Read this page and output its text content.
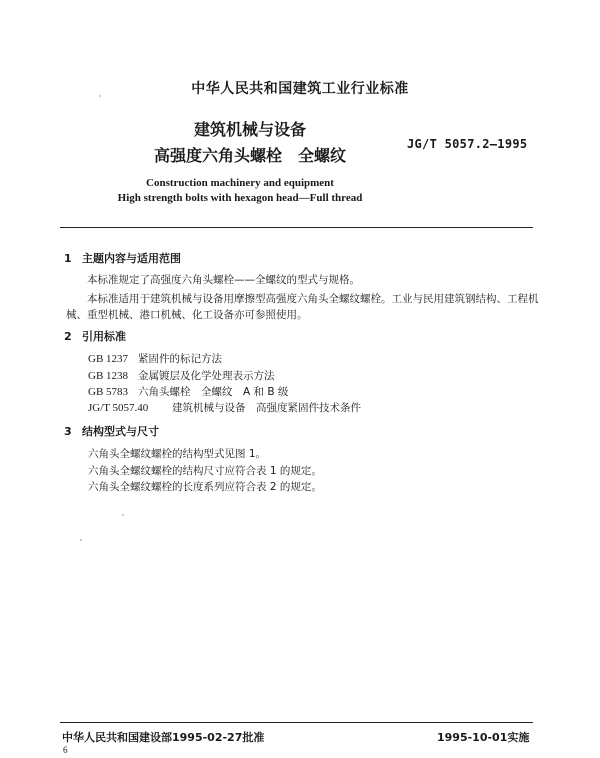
中华人民共和国建筑工业行业标准
建筑机械与设备
高强度六角头螺栓　全螺纹
JG/T 5057.2—1995
Construction machinery and equipment
High strength bolts with hexagon head—Full thread
1 主题内容与适用范围
本标准规定了高强度六角头螺栓——全螺纹的型式与规格。
本标准适用于建筑机械与设备用摩擦型高强度六角头全螺纹螺栓。工业与民用建筑钢结构、工程机
械、重型机械、港口机械、化工设备亦可参照使用。
2 引用标准
GB 1237 紧固件的标记方法
GB 1238 金属镀层及化学处理表示方法
GB 5783 六角头螺栓　全螺纹　A 和 B 级
JG/T 5057.40 建筑机械与设备　高强度紧固件技术条件
3 结构型式与尺寸
六角头全螺纹螺栓的结构型式见图 1。
六角头全螺纹螺栓的结构尺寸应符合表 1 的规定。
六角头全螺纹螺栓的长度系列应符合表 2 的规定。
中华人民共和国建设部1995-02-27批准	1995-10-01实施
6
